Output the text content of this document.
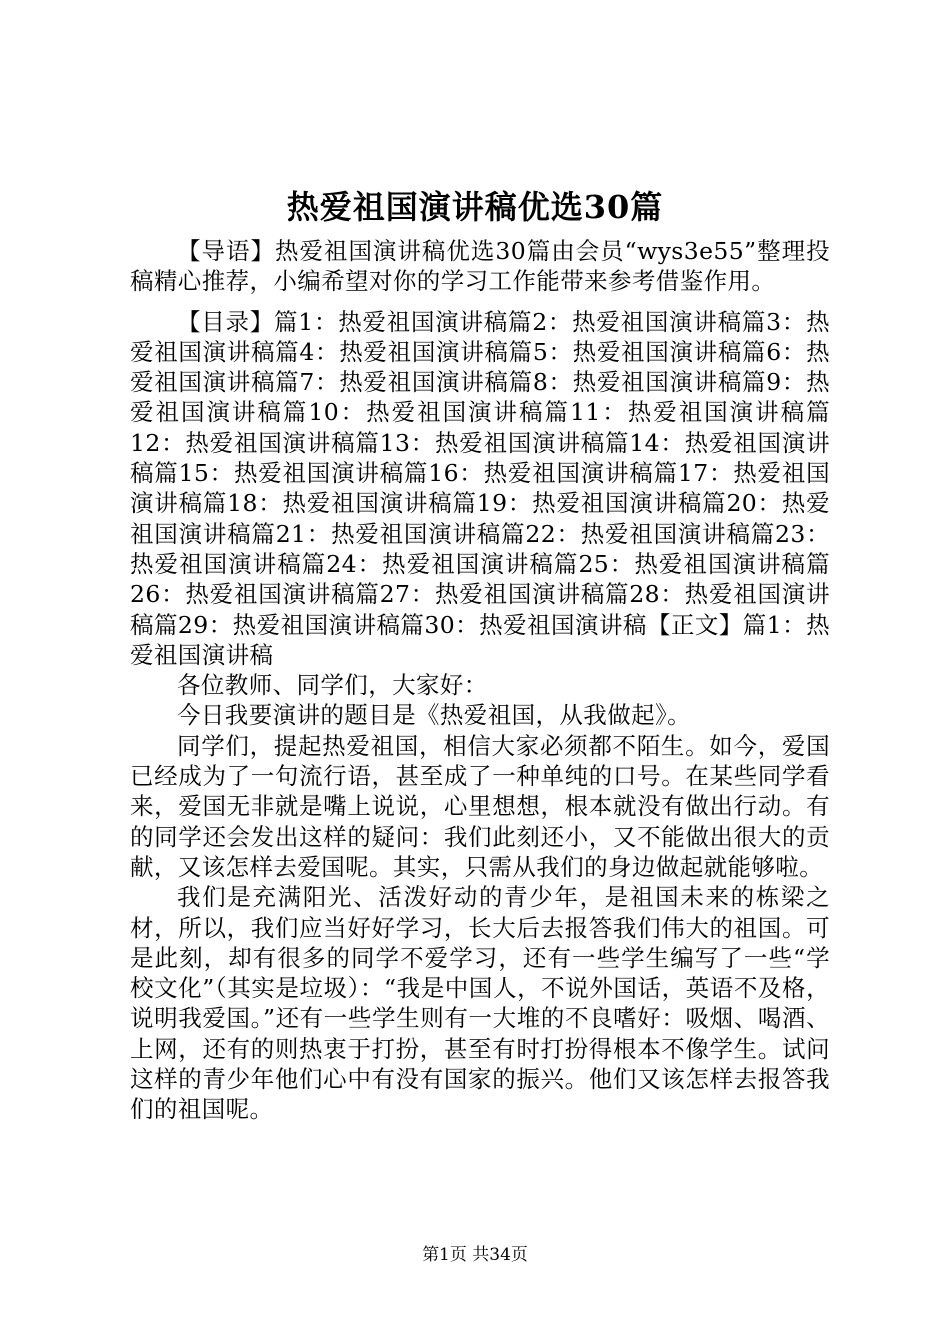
热爱祖国演讲稿优选30篇

【导语】热爱祖国演讲稿优选30篇由会员“wys3e55”整理投稿精心推荐，小编希望对你的学习工作能带来参考借鉴作用。

【目录】篇1：热爱祖国演讲稿篇2：热爱祖国演讲稿篇3：热爱祖国演讲稿篇4：热爱祖国演讲稿篇5：热爱祖国演讲稿篇6：热爱祖国演讲稿篇7：热爱祖国演讲稿篇8：热爱祖国演讲稿篇9：热爱祖国演讲稿篇10：热爱祖国演讲稿篇11：热爱祖国演讲稿篇12：热爱祖国演讲稿篇13：热爱祖国演讲稿篇14：热爱祖国演讲稿篇15：热爱祖国演讲稿篇16：热爱祖国演讲稿篇17：热爱祖国演讲稿篇18：热爱祖国演讲稿篇19：热爱祖国演讲稿篇20：热爱祖国演讲稿篇21：热爱祖国演讲稿篇22：热爱祖国演讲稿篇23：热爱祖国演讲稿篇24：热爱祖国演讲稿篇25：热爱祖国演讲稿篇26：热爱祖国演讲稿篇27：热爱祖国演讲稿篇28：热爱祖国演讲稿篇29：热爱祖国演讲稿篇30：热爱祖国演讲稿【正文】篇1：热爱祖国演讲稿

各位教师、同学们，大家好：

今日我要演讲的题目是《热爱祖国，从我做起》。

同学们，提起热爱祖国，相信大家必须都不陌生。如今，爱国已经成为了一句流行语，甚至成了一种单纯的口号。在某些同学看来，爱国无非就是嘴上说说，心里想想，根本就没有做出行动。有的同学还会发出这样的疑问：我们此刻还小，又不能做出很大的贡献，又该怎样去爱国呢。其实，只需从我们的身边做起就能够啦。

我们是充满阳光、活泼好动的青少年，是祖国未来的栋梁之材，所以，我们应当好好学习，长大后去报答我们伟大的祖国。可是此刻，却有很多的同学不爱学习，还有一些学生编写了一些“学校文化”（其实是垃圾）：“我是中国人，不说外国话，英语不及格，说明我爱国。”还有一些学生则有一大堆的不良嗜好：吸烟、喝酒、上网，还有的则热衷于打扮，甚至有时打扮得根本不像学生。试问这样的青少年他们心中有没有国家的振兴。他们又该怎样去报答我们的祖国呢。

第1页 共34页
